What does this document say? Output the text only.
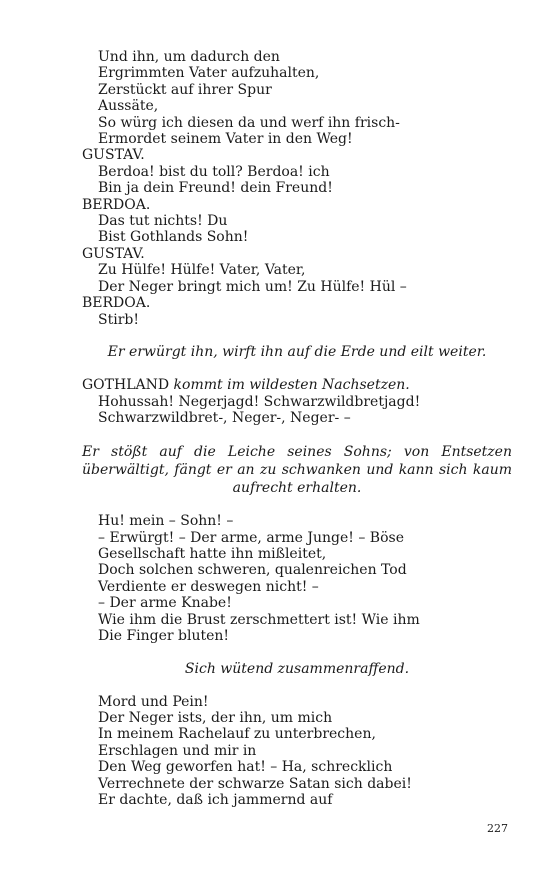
Und ihn, um dadurch den
Ergrimmten Vater aufzuhalten,
Zerstückt auf ihrer Spur
Aussäte,
So würg ich diesen da und werf ihn frisch-
Ermordet seinem Vater in den Weg!
GUSTAV.
Berdoa! bist du toll? Berdoa! ich
Bin ja dein Freund! dein Freund!
BERDOA.
Das tut nichts! Du
Bist Gothlands Sohn!
GUSTAV.
Zu Hülfe! Hülfe! Vater, Vater,
Der Neger bringt mich um! Zu Hülfe! Hül –
BERDOA.
Stirb!
Er erwürgt ihn, wirft ihn auf die Erde und eilt weiter.
GOTHLAND kommt im wildesten Nachsetzen.
Hohussah! Negerjagd! Schwarzwildbretjagd!
Schwarzwildbret-, Neger-, Neger- –
Er stößt auf die Leiche seines Sohns; von Entsetzen überwältigt, fängt er an zu schwanken und kann sich kaum aufrecht erhalten.
Hu! mein – Sohn! –
– Erwürgt! – Der arme, arme Junge! – Böse
Gesellschaft hatte ihn mißleitet,
Doch solchen schweren, qualenreichen Tod
Verdiente er deswegen nicht! –
– Der arme Knabe!
Wie ihm die Brust zerschmettert ist! Wie ihm
Die Finger bluten!
Sich wütend zusammenraffend.
Mord und Pein!
Der Neger ists, der ihn, um mich
In meinem Rachelauf zu unterbrechen,
Erschlagen und mir in
Den Weg geworfen hat! – Ha, schrecklich
Verrechnete der schwarze Satan sich dabei!
Er dachte, daß ich jammernd auf
227
